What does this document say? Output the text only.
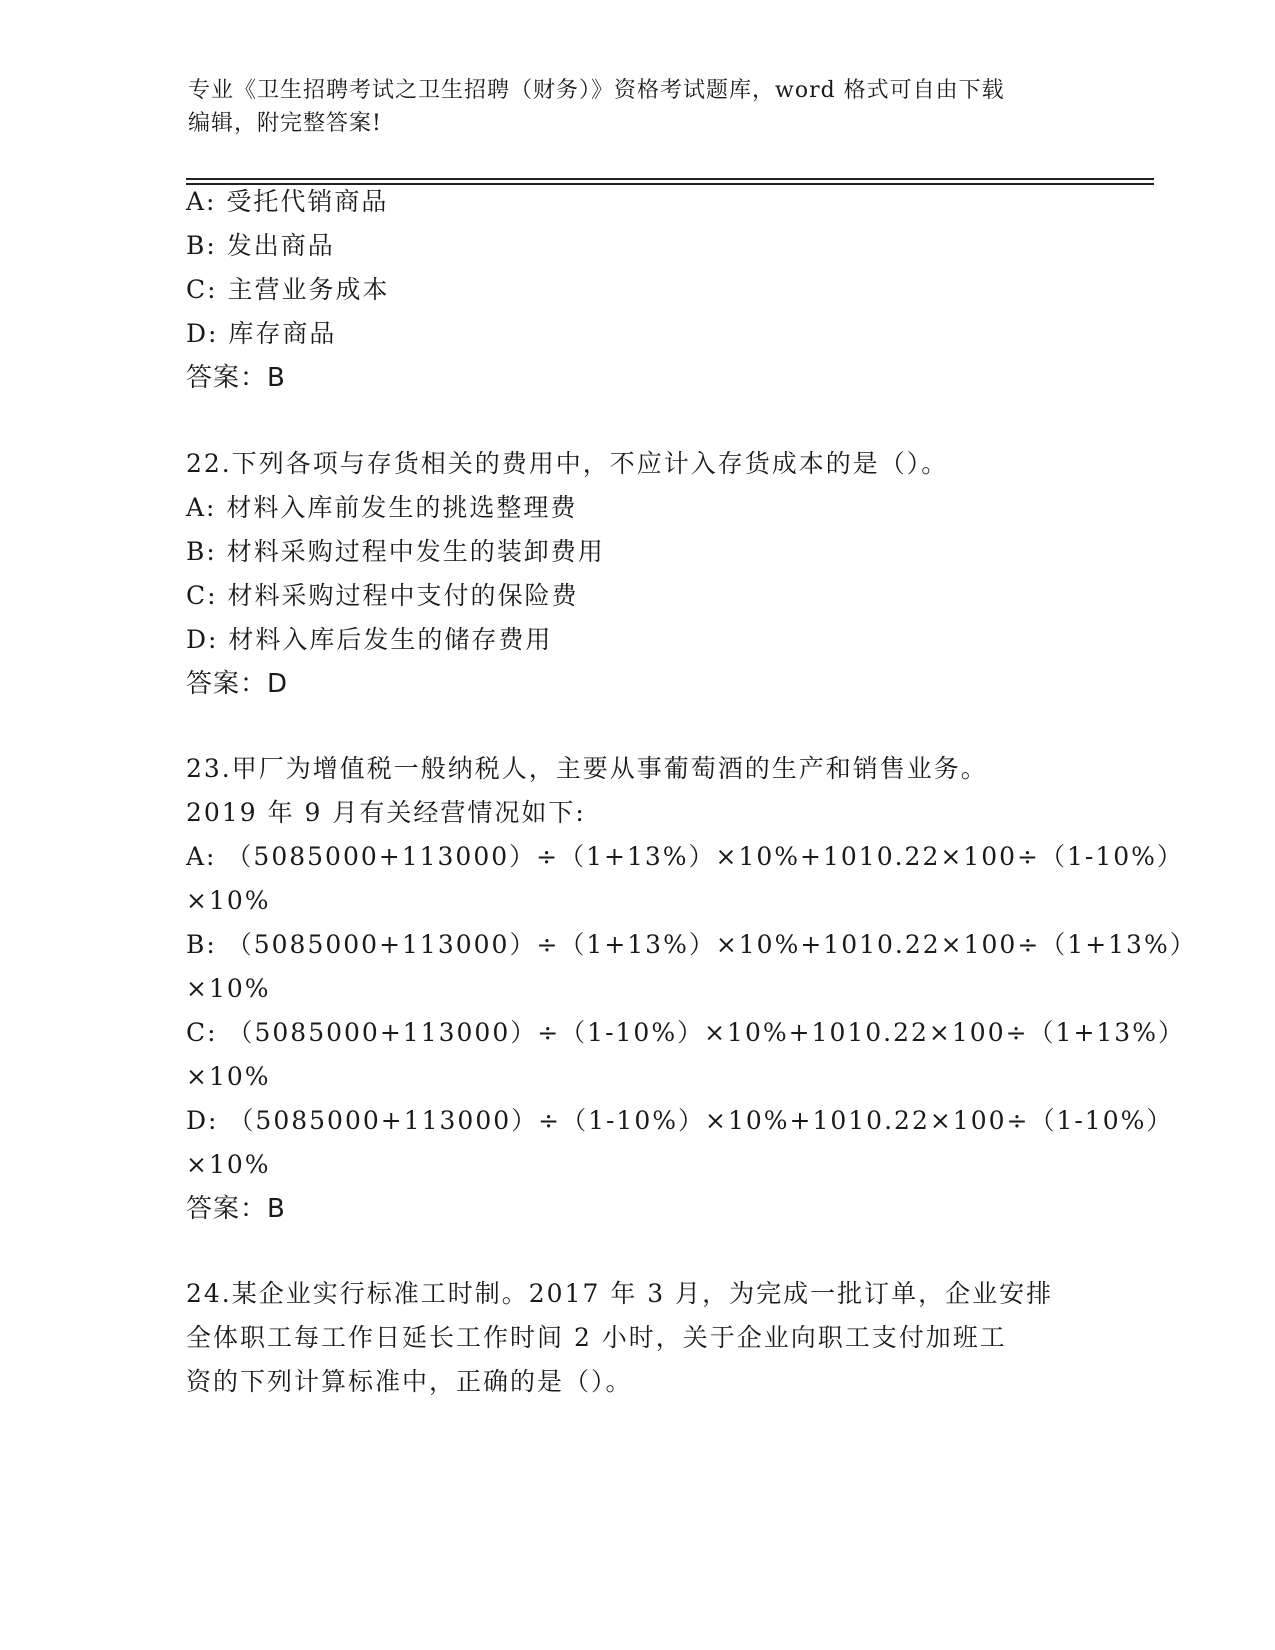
专业《卫生招聘考试之卫生招聘（财务）》资格考试题库，word 格式可自由下载
编辑，附完整答案!
A: 受托代销商品
B: 发出商品
C: 主营业务成本
D: 库存商品
答案：B
22.下列各项与存货相关的费用中，不应计入存货成本的是（）。
A: 材料入库前发生的挑选整理费
B: 材料采购过程中发生的装卸费用
C: 材料采购过程中支付的保险费
D: 材料入库后发生的储存费用
答案：D
23.甲厂为增值税一般纳税人，主要从事葡萄酒的生产和销售业务。
2019 年 9 月有关经营情况如下:
A: （5085000+113000）÷（1+13%）×10%+1010.22×100÷（1-10%）
×10%
B: （5085000+113000）÷（1+13%）×10%+1010.22×100÷（1+13%）
×10%
C: （5085000+113000）÷（1-10%）×10%+1010.22×100÷（1+13%）
×10%
D: （5085000+113000）÷（1-10%）×10%+1010.22×100÷（1-10%）
×10%
答案：B
24.某企业实行标准工时制。2017 年 3 月，为完成一批订单，企业安排
全体职工每工作日延长工作时间 2 小时，关于企业向职工支付加班工
资的下列计算标准中，正确的是（）。
